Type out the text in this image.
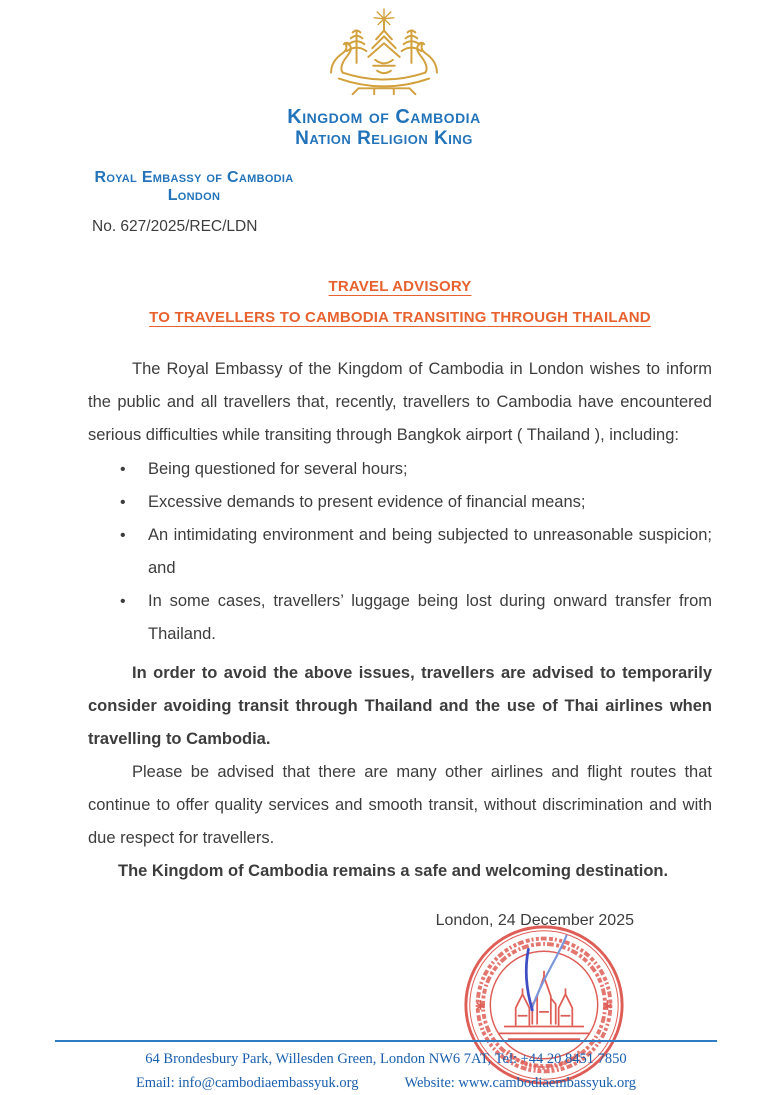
Kingdom of Cambodia
Nation Religion King
Royal Embassy of Cambodia
London
No. 627/2025/REC/LDN
TRAVEL ADVISORY
TO TRAVELLERS TO CAMBODIA TRANSITING THROUGH THAILAND

The Royal Embassy of the Kingdom of Cambodia in London wishes to inform the public and all travellers that, recently, travellers to Cambodia have encountered serious difficulties while transiting through Bangkok airport ( Thailand ), including:

• Being questioned for several hours;
• Excessive demands to present evidence of financial means;
• An intimidating environment and being subjected to unreasonable suspicion; and
• In some cases, travellers’ luggage being lost during onward transfer from Thailand.

In order to avoid the above issues, travellers are advised to temporarily consider avoiding transit through Thailand and the use of Thai airlines when travelling to Cambodia.

Please be advised that there are many other airlines and flight routes that continue to offer quality services and smooth transit, without discrimination and with due respect for travellers.

The Kingdom of Cambodia remains a safe and welcoming destination.

London, 24 December 2025
64 Brondesbury Park, Willesden Green, London NW6 7AT, Tel: +44 20 8451 7850
Email: info@cambodiaembassyuk.org	Website: www.cambodiaembassyuk.org
